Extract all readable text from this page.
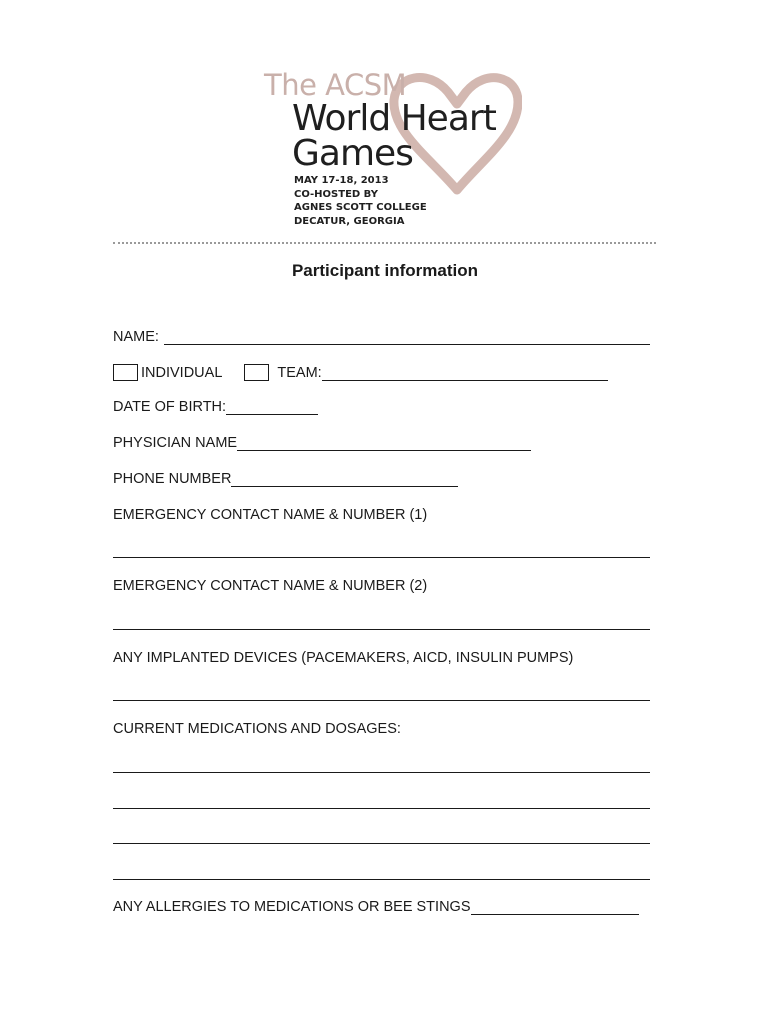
The ACSM
World Heart
Games
MAY 17-18, 2013
CO-HOSTED BY
AGNES SCOTT COLLEGE
DECATUR, GEORGIA
Participant information
NAME:
INDIVIDUAL	TEAM:
DATE OF BIRTH:
PHYSICIAN NAME
PHONE NUMBER
EMERGENCY CONTACT NAME & NUMBER (1)
EMERGENCY CONTACT NAME & NUMBER (2)
ANY IMPLANTED DEVICES (PACEMAKERS, AICD, INSULIN PUMPS)
CURRENT MEDICATIONS AND DOSAGES:
ANY ALLERGIES TO MEDICATIONS OR BEE STINGS
